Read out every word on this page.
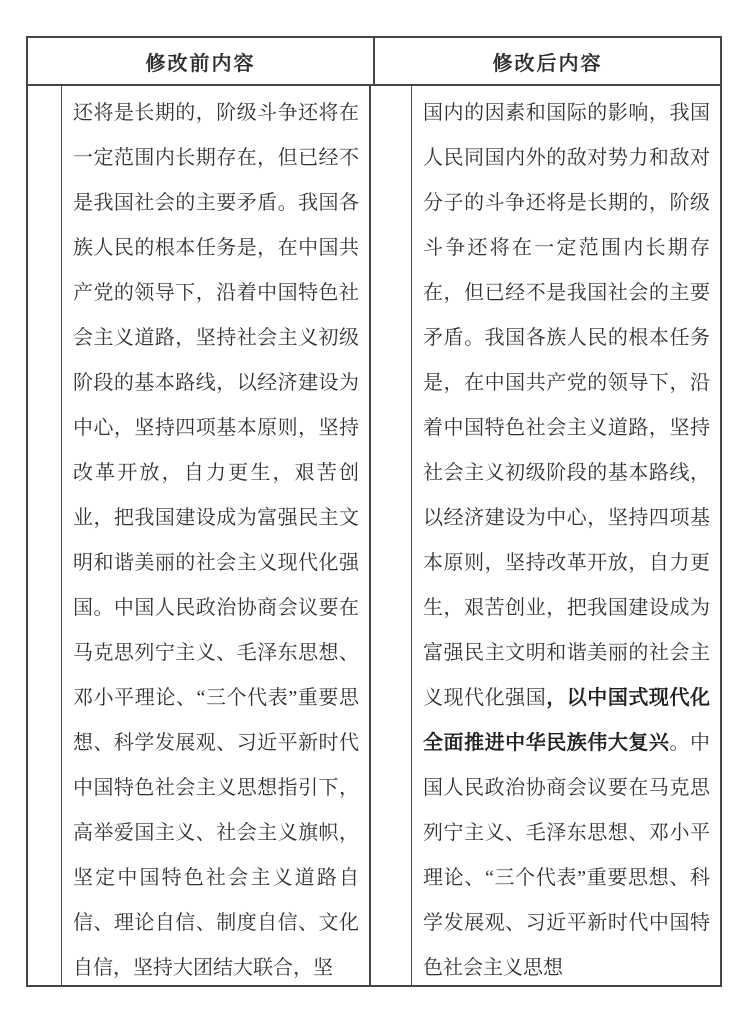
修改前内容	修改后内容

还将是长期的，阶级斗争还将在一定范围内长期存在，但已经不是我国社会的主要矛盾。我国各族人民的根本任务是，在中国共产党的领导下，沿着中国特色社会主义道路，坚持社会主义初级阶段的基本路线，以经济建设为中心，坚持四项基本原则，坚持改革开放，自力更生，艰苦创业，把我国建设成为富强民主文明和谐美丽的社会主义现代化强国。中国人民政治协商会议要在马克思列宁主义、毛泽东思想、邓小平理论、“三个代表”重要思想、科学发展观、习近平新时代中国特色社会主义思想指引下，高举爱国主义、社会主义旗帜，坚定中国特色社会主义道路自信、理论自信、制度自信、文化自信，坚持大团结大联合，坚

国内的因素和国际的影响，我国人民同国内外的敌对势力和敌对分子的斗争还将是长期的，阶级斗争还将在一定范围内长期存在，但已经不是我国社会的主要矛盾。我国各族人民的根本任务是，在中国共产党的领导下，沿着中国特色社会主义道路，坚持社会主义初级阶段的基本路线，以经济建设为中心，坚持四项基本原则，坚持改革开放，自力更生，艰苦创业，把我国建设成为富强民主文明和谐美丽的社会主义现代化强国，以中国式现代化全面推进中华民族伟大复兴。中国人民政治协商会议要在马克思列宁主义、毛泽东思想、邓小平理论、“三个代表”重要思想、科学发展观、习近平新时代中国特色社会主义思想
